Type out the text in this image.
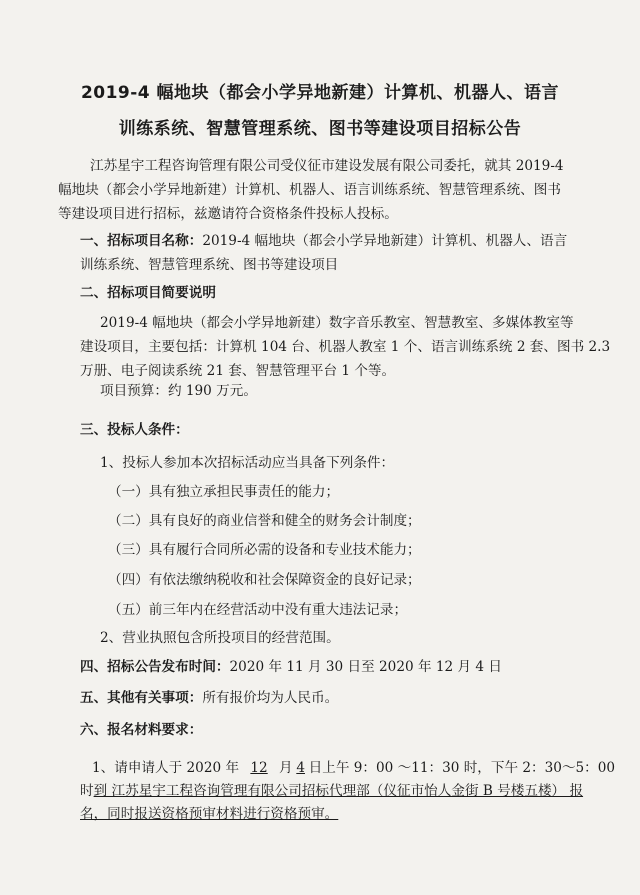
2019-4 幅地块（都会小学异地新建）计算机、机器人、语言
训练系统、智慧管理系统、图书等建设项目招标公告
江苏星宇工程咨询管理有限公司受仪征市建设发展有限公司委托，就其 2019-4
幅地块（都会小学异地新建）计算机、机器人、语言训练系统、智慧管理系统、图书
等建设项目进行招标，兹邀请符合资格条件投标人投标。
一、招标项目名称：2019-4 幅地块（都会小学异地新建）计算机、机器人、语言
训练系统、智慧管理系统、图书等建设项目
二、招标项目简要说明
2019-4 幅地块（都会小学异地新建）数字音乐教室、智慧教室、多媒体教室等
建设项目，主要包括：计算机 104 台、机器人教室 1 个、语言训练系统 2 套、图书 2.3
万册、电子阅读系统 21 套、智慧管理平台 1 个等。
项目预算：约 190 万元。
三、投标人条件：
1、投标人参加本次招标活动应当具备下列条件：
（一）具有独立承担民事责任的能力；
（二）具有良好的商业信誉和健全的财务会计制度；
（三）具有履行合同所必需的设备和专业技术能力；
（四）有依法缴纳税收和社会保障资金的良好记录；
（五）前三年内在经营活动中没有重大违法记录；
2、营业执照包含所投项目的经营范围。
四、招标公告发布时间：2020 年 11 月 30 日至 2020 年 12 月 4 日
五、其他有关事项：所有报价均为人民币。
六、报名材料要求：
1、请申请人于 2020 年 12 月 4 日上午 9：00 ～11：30 时，下午 2：30～5：00
时到 江苏星宇工程咨询管理有限公司招标代理部（仪征市怡人金街 B 号楼五楼） 报
名，同时报送资格预审材料进行资格预审。
